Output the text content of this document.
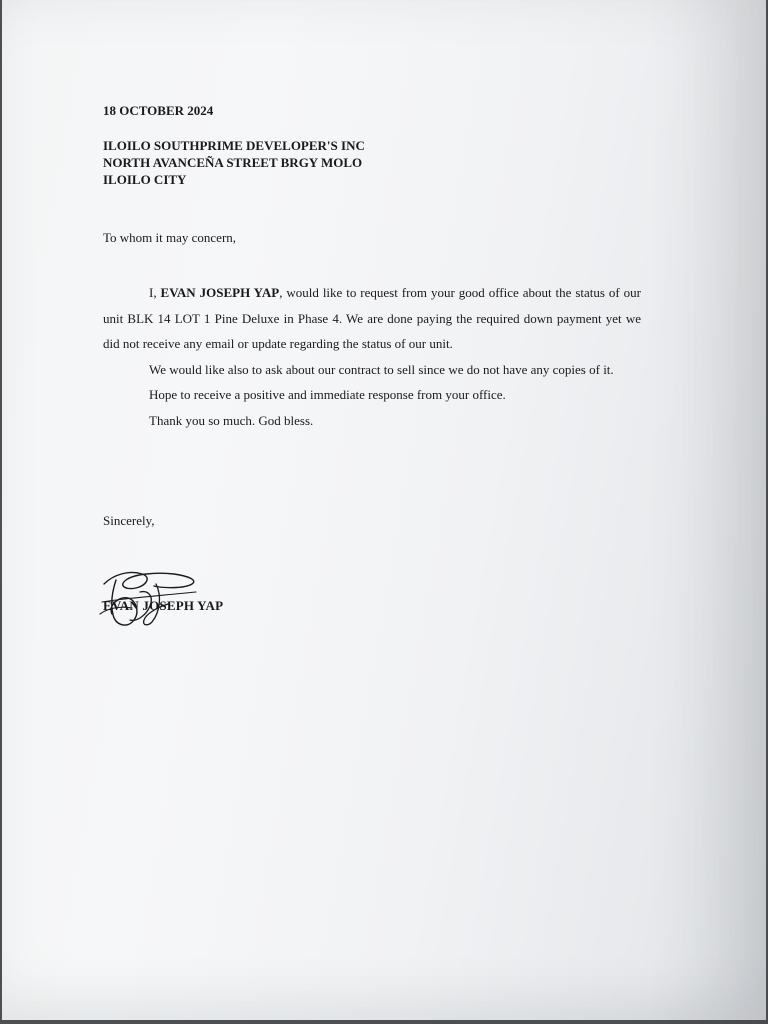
18 OCTOBER 2024
ILOILO SOUTHPRIME DEVELOPER'S INC
NORTH AVANCEÑA STREET BRGY MOLO
ILOILO CITY
To whom it may concern,

I, EVAN JOSEPH YAP, would like to request from your good office about the status of our unit BLK 14 LOT 1 Pine Deluxe in Phase 4. We are done paying the required down payment yet we did not receive any email or update regarding the status of our unit.

We would like also to ask about our contract to sell since we do not have any copies of it.

Hope to receive a positive and immediate response from your office.

Thank you so much. God bless.

Sincerely,
EVAN JOSEPH YAP
